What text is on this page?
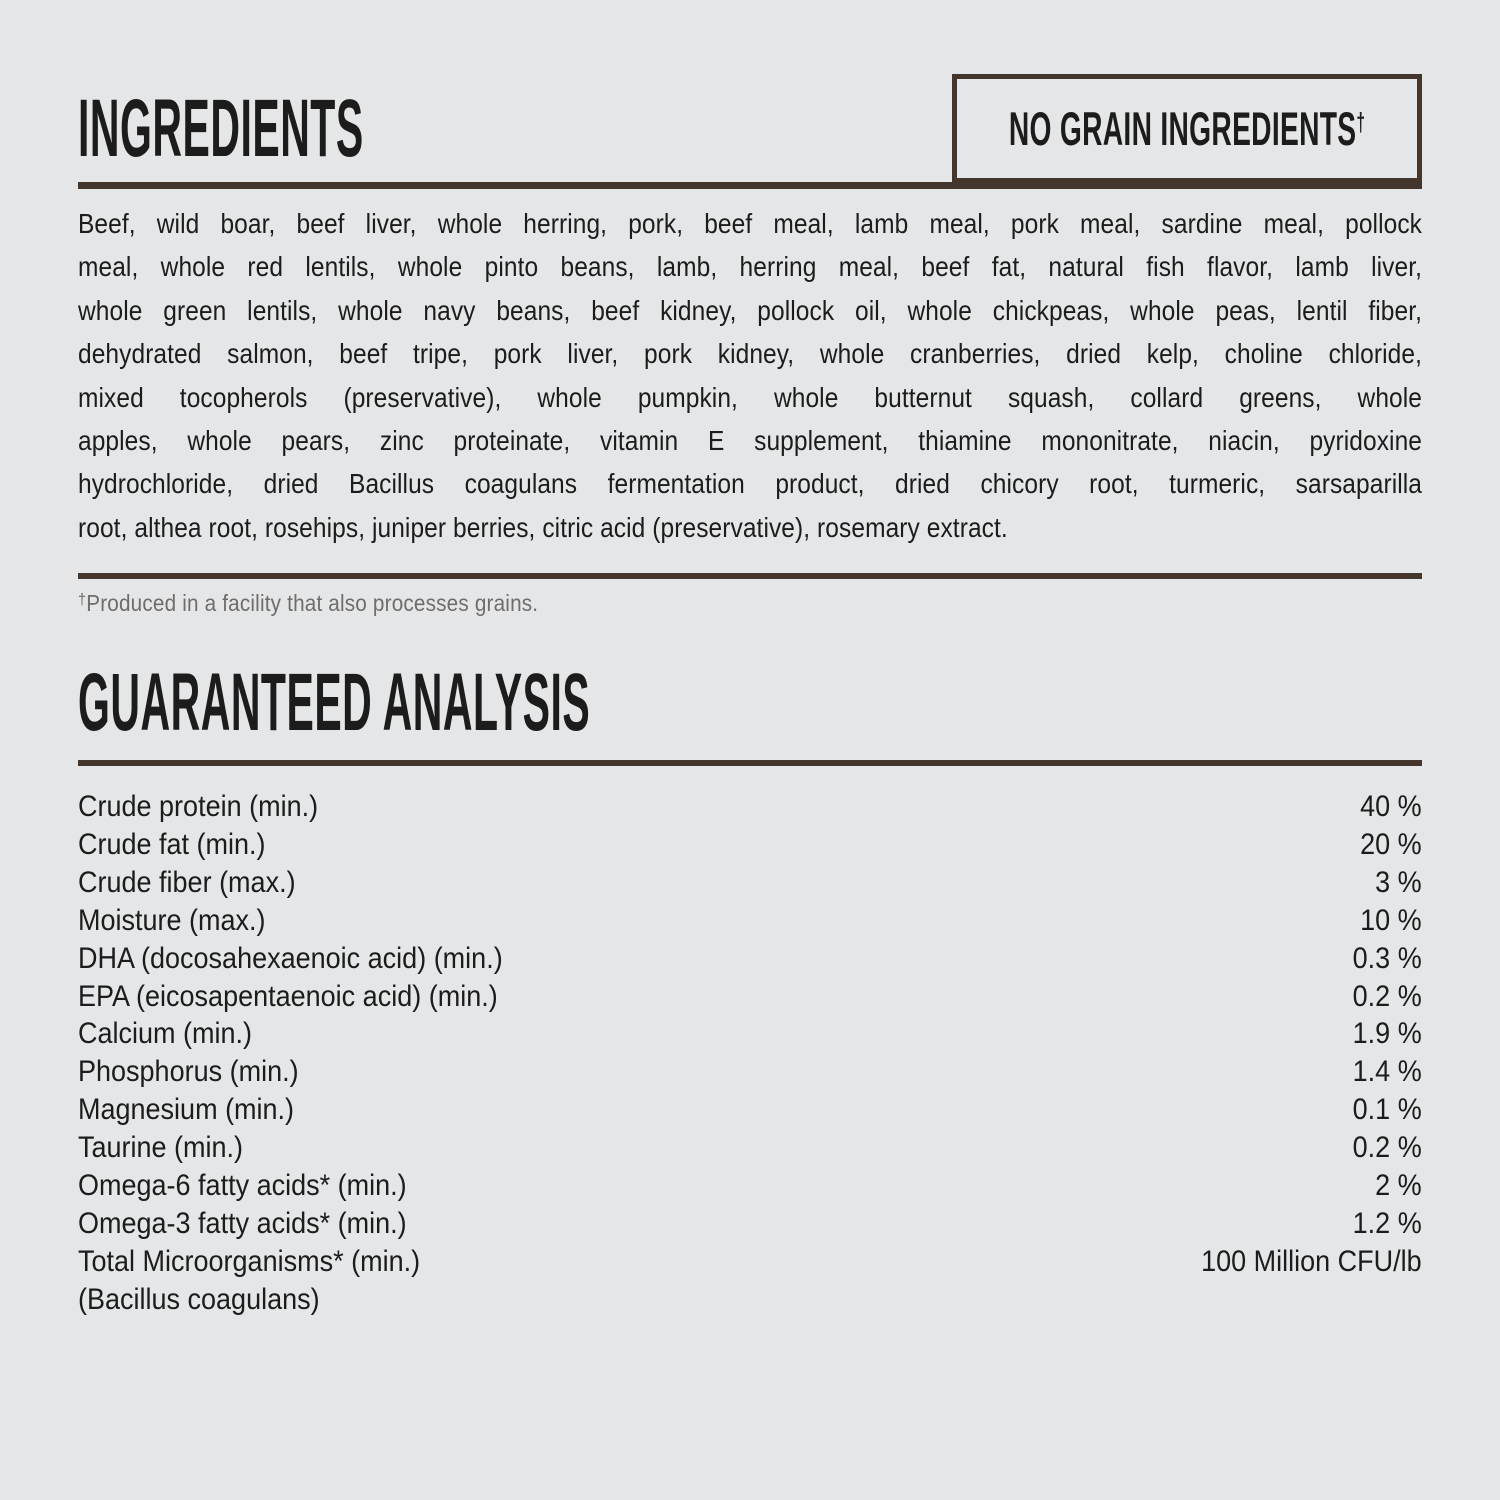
INGREDIENTS	NO GRAIN INGREDIENTS†
Beef, wild boar, beef liver, whole herring, pork, beef meal, lamb meal, pork meal, sardine meal, pollock
meal, whole red lentils, whole pinto beans, lamb, herring meal, beef fat, natural fish flavor, lamb liver,
whole green lentils, whole navy beans, beef kidney, pollock oil, whole chickpeas, whole peas, lentil fiber,
dehydrated salmon, beef tripe, pork liver, pork kidney, whole cranberries, dried kelp, choline chloride,
mixed tocopherols (preservative), whole pumpkin, whole butternut squash, collard greens, whole
apples, whole pears, zinc proteinate, vitamin E supplement, thiamine mononitrate, niacin, pyridoxine
hydrochloride, dried Bacillus coagulans fermentation product, dried chicory root, turmeric, sarsaparilla
root, althea root, rosehips, juniper berries, citric acid (preservative), rosemary extract.
†Produced in a facility that also processes grains.
GUARANTEED ANALYSIS
Crude protein (min.)	40 %
Crude fat (min.)	20 %
Crude fiber (max.)	3 %
Moisture (max.)	10 %
DHA (docosahexaenoic acid) (min.)	0.3 %
EPA (eicosapentaenoic acid) (min.)	0.2 %
Calcium (min.)	1.9 %
Phosphorus (min.)	1.4 %
Magnesium (min.)	0.1 %
Taurine (min.)	0.2 %
Omega-6 fatty acids* (min.)	2 %
Omega-3 fatty acids* (min.)	1.2 %
Total Microorganisms* (min.)	100 Million CFU/lb
(Bacillus coagulans)
